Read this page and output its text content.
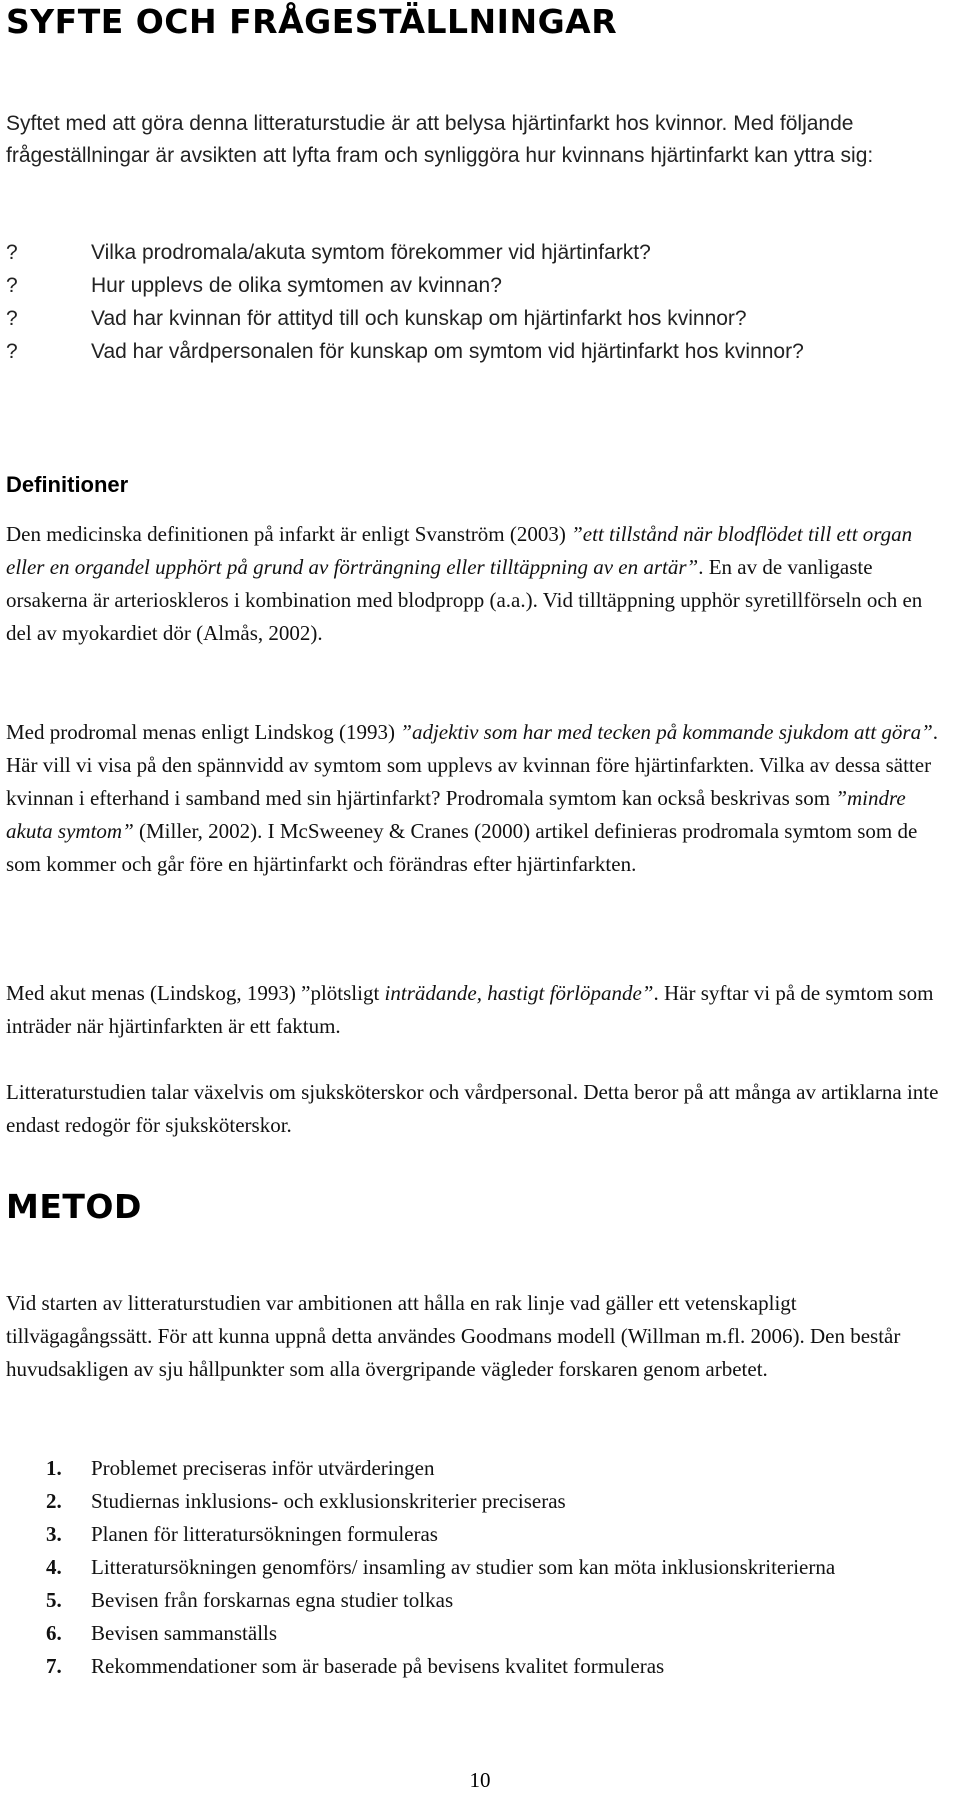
SYFTE OCH FRÅGESTÄLLNINGAR

Syftet med att göra denna litteraturstudie är att belysa hjärtinfarkt hos kvinnor. Med följande frågeställningar är avsikten att lyfta fram och synliggöra hur kvinnans hjärtinfarkt kan yttra sig:

?	Vilka prodromala/akuta symtom förekommer vid hjärtinfarkt?
?	Hur upplevs de olika symtomen av kvinnan?
?	Vad har kvinnan för attityd till och kunskap om hjärtinfarkt hos kvinnor?
?	Vad har vårdpersonalen för kunskap om symtom vid hjärtinfarkt hos kvinnor?
Definitioner

Den medicinska definitionen på infarkt är enligt Svanström (2003) ”ett tillstånd när blodflödet till ett organ eller en organdel upphört på grund av förträngning eller tilltäppning av en artär”. En av de vanligaste orsakerna är arterioskleros i kombination med blodpropp (a.a.). Vid tilltäppning upphör syretillförseln och en del av myokardiet dör (Almås, 2002).

Med prodromal menas enligt Lindskog (1993) ”adjektiv som har med tecken på kommande sjukdom att göra”. Här vill vi visa på den spännvidd av symtom som upplevs av kvinnan före hjärtinfarkten. Vilka av dessa sätter kvinnan i efterhand i samband med sin hjärtinfarkt? Prodromala symtom kan också beskrivas som ”mindre akuta symtom” (Miller, 2002). I McSweeney & Cranes (2000) artikel definieras prodromala symtom som de som kommer och går före en hjärtinfarkt och förändras efter hjärtinfarkten.

Med akut menas (Lindskog, 1993) ”plötsligt inträdande, hastigt förlöpande”. Här syftar vi på de symtom som inträder när hjärtinfarkten är ett faktum.

Litteraturstudien talar växelvis om sjuksköterskor och vårdpersonal. Detta beror på att många av artiklarna inte endast redogör för sjuksköterskor.

METOD

Vid starten av litteraturstudien var ambitionen att hålla en rak linje vad gäller ett vetenskapligt tillvägagångssätt. För att kunna uppnå detta användes Goodmans modell (Willman m.fl. 2006). Den består huvudsakligen av sju hållpunkter som alla övergripande vägleder forskaren genom arbetet.

1. Problemet preciseras inför utvärderingen
2. Studiernas inklusions- och exklusionskriterier preciseras
3. Planen för litteratursökningen formuleras
4. Litteratursökningen genomförs/ insamling av studier som kan möta inklusionskriterierna
5. Bevisen från forskarnas egna studier tolkas
6. Bevisen sammanställs
7. Rekommendationer som är baserade på bevisens kvalitet formuleras

10
